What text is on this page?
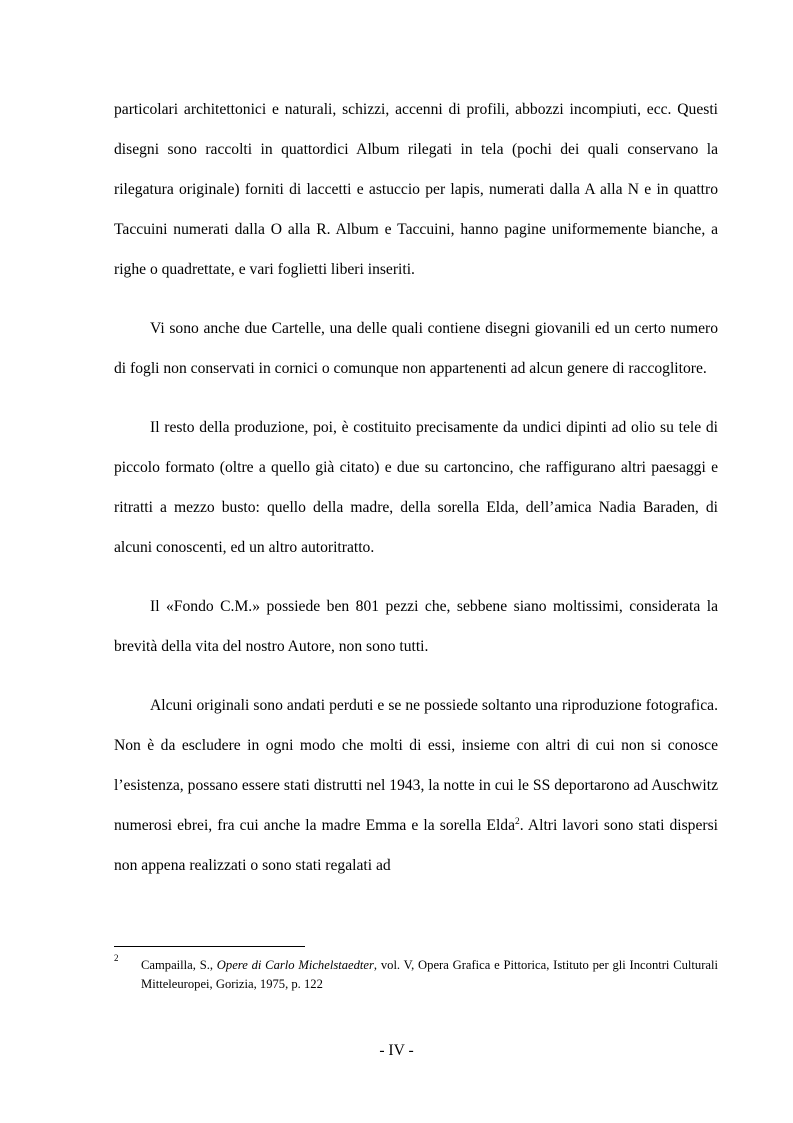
particolari architettonici e naturali, schizzi, accenni di profili, abbozzi incompiuti, ecc. Questi disegni sono raccolti in quattordici Album rilegati in tela (pochi dei quali conservano la rilegatura originale) forniti di laccetti e astuccio per lapis, numerati dalla A alla N e in quattro Taccuini numerati dalla O alla R. Album e Taccuini, hanno pagine uniformemente bianche, a righe o quadrettate, e vari foglietti liberi inseriti.

Vi sono anche due Cartelle, una delle quali contiene disegni giovanili ed un certo numero di fogli non conservati in cornici o comunque non appartenenti ad alcun genere di raccoglitore.

Il resto della produzione, poi, è costituito precisamente da undici dipinti ad olio su tele di piccolo formato (oltre a quello già citato) e due su cartoncino, che raffigurano altri paesaggi e ritratti a mezzo busto: quello della madre, della sorella Elda, dell’amica Nadia Baraden, di alcuni conoscenti, ed un altro autoritratto.

Il «Fondo C.M.» possiede ben 801 pezzi che, sebbene siano moltissimi, considerata la brevità della vita del nostro Autore, non sono tutti.

Alcuni originali sono andati perduti e se ne possiede soltanto una riproduzione fotografica. Non è da escludere in ogni modo che molti di essi, insieme con altri di cui non si conosce l’esistenza, possano essere stati distrutti nel 1943, la notte in cui le SS deportarono ad Auschwitz numerosi ebrei, fra cui anche la madre Emma e la sorella Elda$^2$. Altri lavori sono stati dispersi non appena realizzati o sono stati regalati ad

2 Campailla, S., Opere di Carlo Michelstaedter, vol. V, Opera Grafica e Pittorica, Istituto per gli Incontri Culturali Mitteleuropei, Gorizia, 1975, p. 122
- IV -
